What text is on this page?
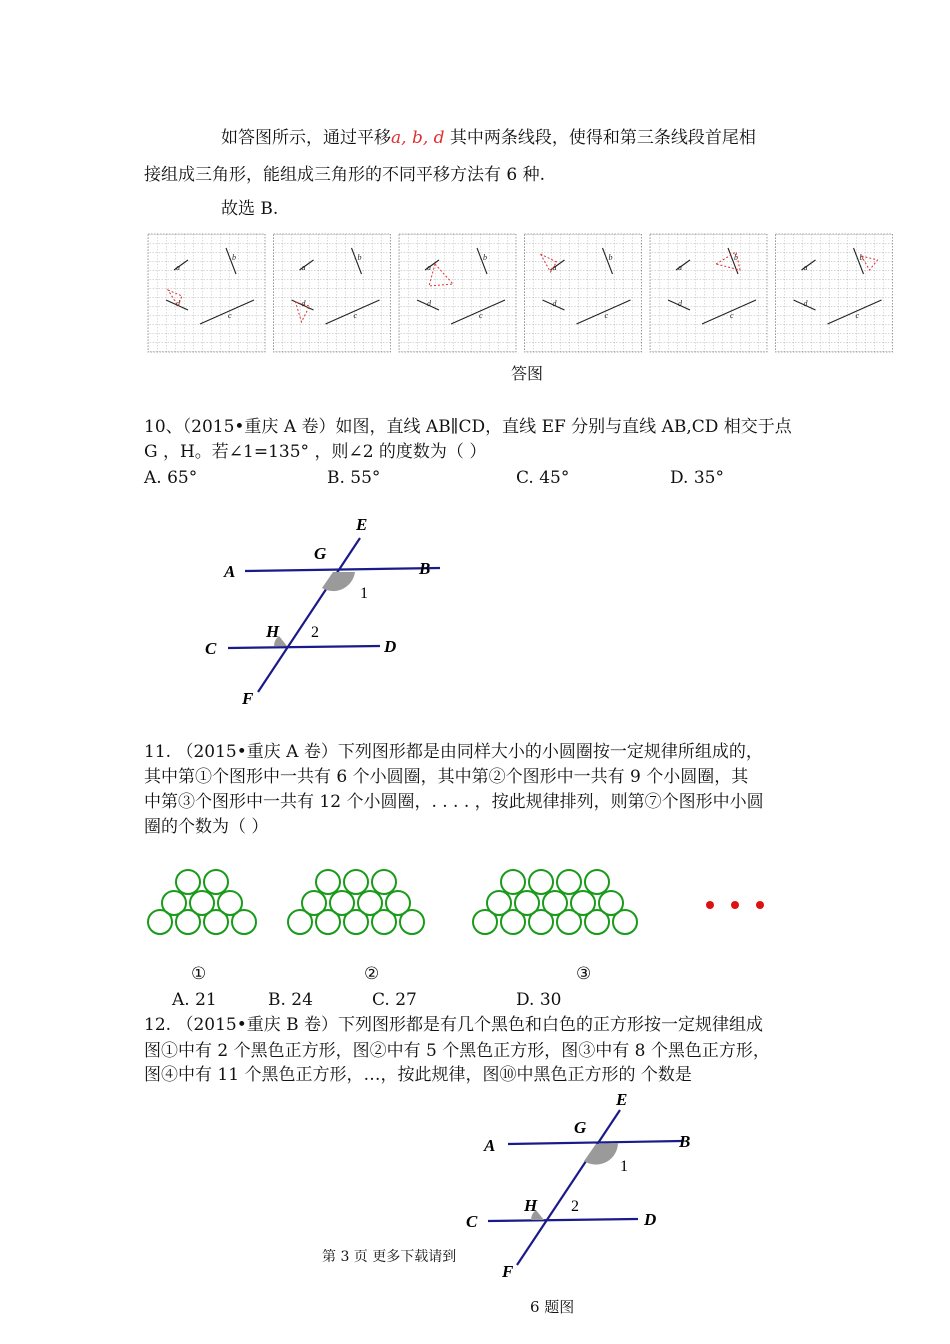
如答图所示，通过平移a, b, d 其中两条线段，使得和第三条线段首尾相
接组成三角形，能组成三角形的不同平移方法有 6 种.
故选 B.
a
b
c
d
a
b
c
d
a
b
c
d
a
b
c
d
a
b
c
d
a
b
c
d
答图
10、（2015•重庆 A 卷）如图，直线 AB∥CD，直线 EF 分别与直线 AB,CD 相交于点
G ，H。若∠1=135° ，则∠2 的度数为（ ）
A. 65°	B. 55°	C. 45°	D. 35°
E
G
A	B
1
H 2
C	D
F
11. （2015•重庆 A 卷）下列图形都是由同样大小的小圆圈按一定规律所组成的，
其中第①个图形中一共有 6 个小圆圈，其中第②个图形中一共有 9 个小圆圈，其
中第③个图形中一共有 12 个小圆圈，. . . . ，按此规律排列，则第⑦个图形中小圆
圈的个数为（ ）
①	②	③
A. 21	B. 24	C. 27	D. 30
12. （2015•重庆 B 卷）下列图形都是有几个黑色和白色的正方形按一定规律组成
图①中有 2 个黑色正方形，图②中有 5 个黑色正方形，图③中有 8 个黑色正方形，
图④中有 11 个黑色正方形，…，按此规律，图⑩中黑色正方形的 个数是
E
G
A	B
1
H 2
C	D
F
第 3 页 更多下载请到
6 题图
